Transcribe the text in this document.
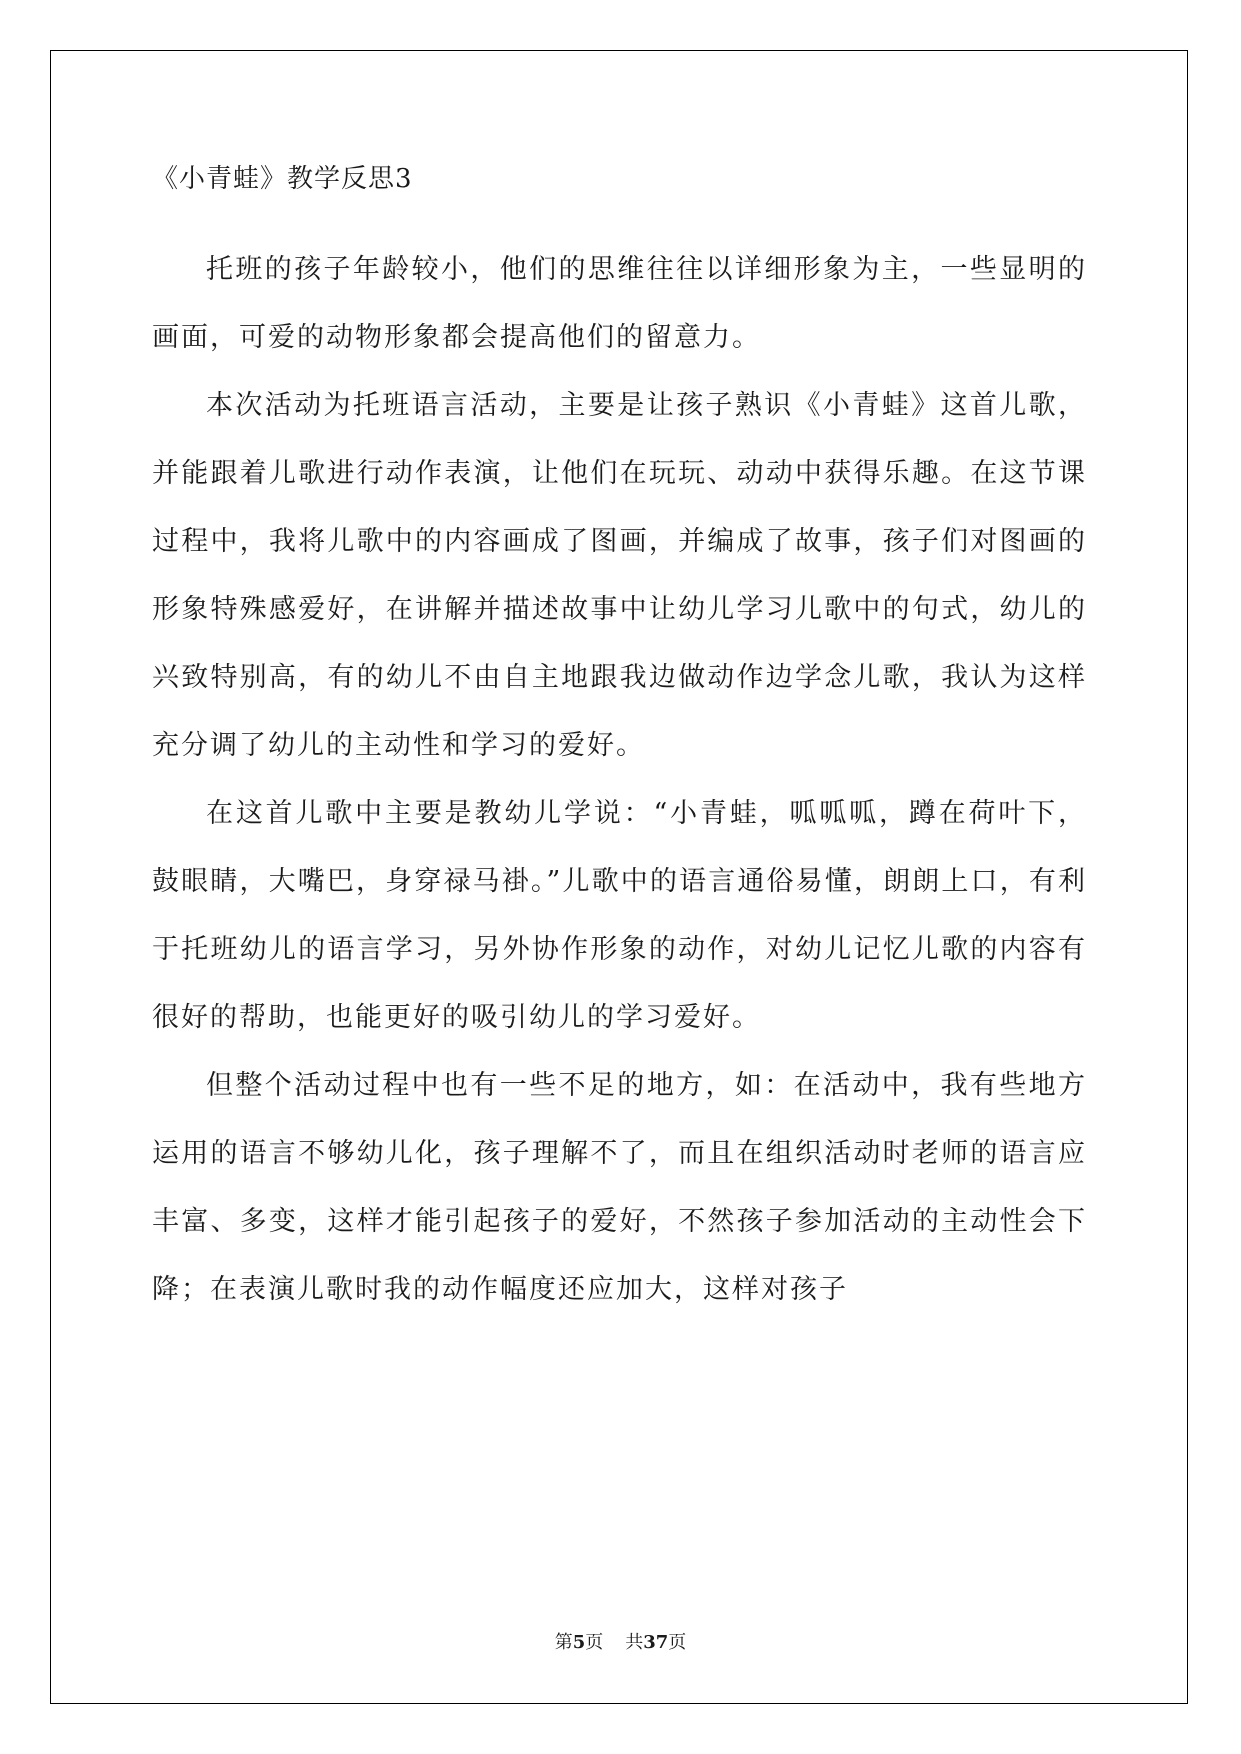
《小青蛙》教学反思3

托班的孩子年龄较小，他们的思维往往以详细形象为主，一些显明的画面，可爱的动物形象都会提高他们的留意力。

本次活动为托班语言活动，主要是让孩子熟识《小青蛙》这首儿歌，并能跟着儿歌进行动作表演，让他们在玩玩、动动中获得乐趣。在这节课过程中，我将儿歌中的内容画成了图画，并编成了故事，孩子们对图画的形象特殊感爱好，在讲解并描述故事中让幼儿学习儿歌中的句式，幼儿的兴致特别高，有的幼儿不由自主地跟我边做动作边学念儿歌，我认为这样充分调了幼儿的主动性和学习的爱好。

在这首儿歌中主要是教幼儿学说：“小青蛙，呱呱呱，蹲在荷叶下，鼓眼睛，大嘴巴，身穿禄马褂。”儿歌中的语言通俗易懂，朗朗上口，有利于托班幼儿的语言学习，另外协作形象的动作，对幼儿记忆儿歌的内容有很好的帮助，也能更好的吸引幼儿的学习爱好。

但整个活动过程中也有一些不足的地方，如：在活动中，我有些地方运用的语言不够幼儿化，孩子理解不了，而且在组织活动时老师的语言应丰富、多变，这样才能引起孩子的爱好，不然孩子参加活动的主动性会下降；在表演儿歌时我的动作幅度还应加大，这样对孩子

第5页 共37页
